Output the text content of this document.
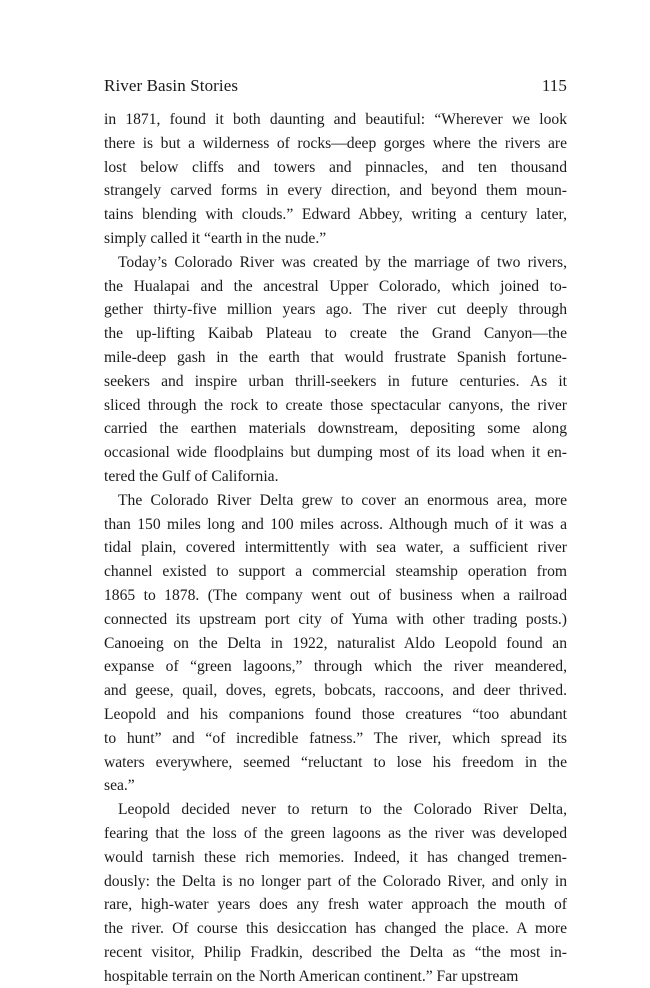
River Basin Stories	115
in 1871, found it both daunting and beautiful: “Wherever we look
there is but a wilderness of rocks—deep gorges where the rivers are
lost below cliffs and towers and pinnacles, and ten thousand
strangely carved forms in every direction, and beyond them moun-
tains blending with clouds.” Edward Abbey, writing a century later,
simply called it “earth in the nude.”
Today’s Colorado River was created by the marriage of two rivers,
the Hualapai and the ancestral Upper Colorado, which joined to-
gether thirty-five million years ago. The river cut deeply through
the up-lifting Kaibab Plateau to create the Grand Canyon—the
mile-deep gash in the earth that would frustrate Spanish fortune-
seekers and inspire urban thrill-seekers in future centuries. As it
sliced through the rock to create those spectacular canyons, the river
carried the earthen materials downstream, depositing some along
occasional wide floodplains but dumping most of its load when it en-
tered the Gulf of California.
The Colorado River Delta grew to cover an enormous area, more
than 150 miles long and 100 miles across. Although much of it was a
tidal plain, covered intermittently with sea water, a sufficient river
channel existed to support a commercial steamship operation from
1865 to 1878. (The company went out of business when a railroad
connected its upstream port city of Yuma with other trading posts.)
Canoeing on the Delta in 1922, naturalist Aldo Leopold found an
expanse of “green lagoons,” through which the river meandered,
and geese, quail, doves, egrets, bobcats, raccoons, and deer thrived.
Leopold and his companions found those creatures “too abundant
to hunt” and “of incredible fatness.” The river, which spread its
waters everywhere, seemed “reluctant to lose his freedom in the
sea.”
Leopold decided never to return to the Colorado River Delta,
fearing that the loss of the green lagoons as the river was developed
would tarnish these rich memories. Indeed, it has changed tremen-
dously: the Delta is no longer part of the Colorado River, and only in
rare, high-water years does any fresh water approach the mouth of
the river. Of course this desiccation has changed the place. A more
recent visitor, Philip Fradkin, described the Delta as “the most in-
hospitable terrain on the North American continent.” Far upstream
